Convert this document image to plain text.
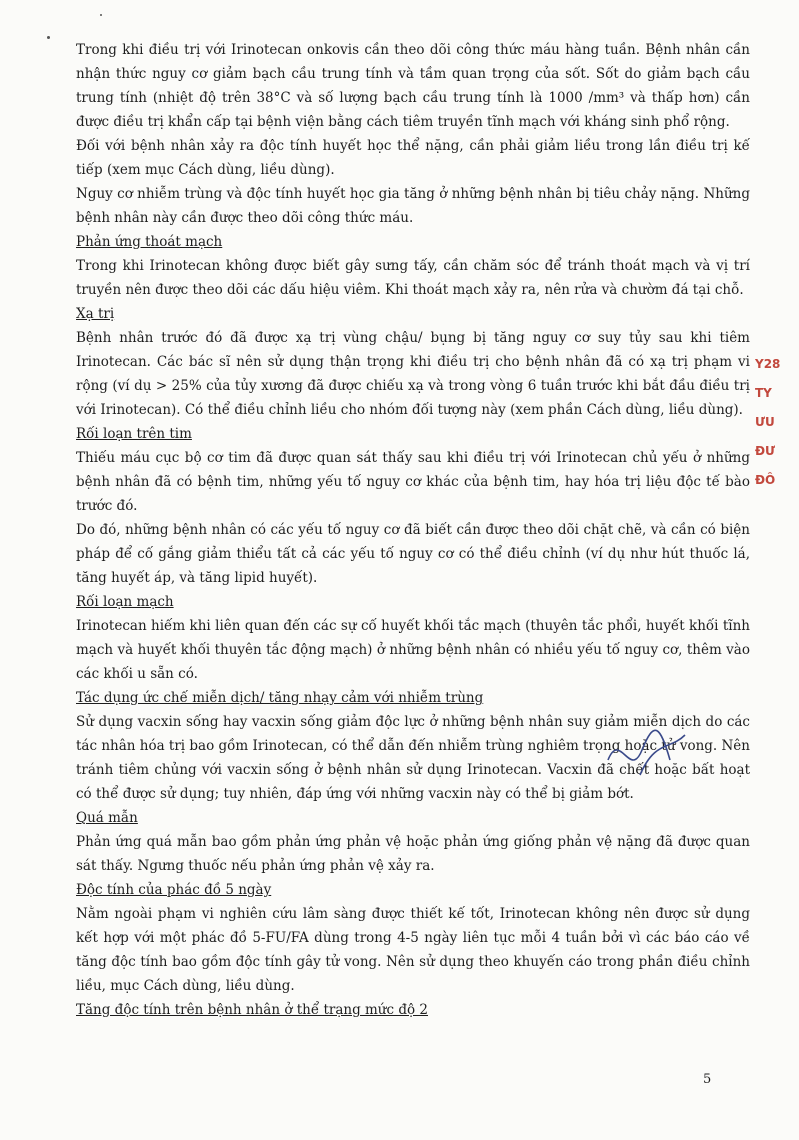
Trong khi điều trị với Irinotecan onkovis cần theo dõi công thức máu hàng tuần. Bệnh nhân cần nhận thức nguy cơ giảm bạch cầu trung tính và tầm quan trọng của sốt. Sốt do giảm bạch cầu trung tính (nhiệt độ trên 38°C và số lượng bạch cầu trung tính là 1000 /mm³ và thấp hơn) cần được điều trị khẩn cấp tại bệnh viện bằng cách tiêm truyền tĩnh mạch với kháng sinh phổ rộng.

Đối với bệnh nhân xảy ra độc tính huyết học thể nặng, cần phải giảm liều trong lần điều trị kế tiếp (xem mục Cách dùng, liều dùng).

Nguy cơ nhiễm trùng và độc tính huyết học gia tăng ở những bệnh nhân bị tiêu chảy nặng. Những bệnh nhân này cần được theo dõi công thức máu.

Phản ứng thoát mạch

Trong khi Irinotecan không được biết gây sưng tấy, cần chăm sóc để tránh thoát mạch và vị trí truyền nên được theo dõi các dấu hiệu viêm. Khi thoát mạch xảy ra, nên rửa và chườm đá tại chỗ.

Xạ trị

Bệnh nhân trước đó đã được xạ trị vùng chậu/ bụng bị tăng nguy cơ suy tủy sau khi tiêm Irinotecan. Các bác sĩ nên sử dụng thận trọng khi điều trị cho bệnh nhân đã có xạ trị phạm vi rộng (ví dụ > 25% của tủy xương đã được chiếu xạ và trong vòng 6 tuần trước khi bắt đầu điều trị với Irinotecan). Có thể điều chỉnh liều cho nhóm đối tượng này (xem phần Cách dùng, liều dùng).

Rối loạn trên tim

Thiếu máu cục bộ cơ tim đã được quan sát thấy sau khi điều trị với Irinotecan chủ yếu ở những bệnh nhân đã có bệnh tim, những yếu tố nguy cơ khác của bệnh tim, hay hóa trị liệu độc tế bào trước đó.

Do đó, những bệnh nhân có các yếu tố nguy cơ đã biết cần được theo dõi chặt chẽ, và cần có biện pháp để cố gắng giảm thiểu tất cả các yếu tố nguy cơ có thể điều chỉnh (ví dụ như hút thuốc lá, tăng huyết áp, và tăng lipid huyết).

Rối loạn mạch

Irinotecan hiếm khi liên quan đến các sự cố huyết khối tắc mạch (thuyên tắc phổi, huyết khối tĩnh mạch và huyết khối thuyên tắc động mạch) ở những bệnh nhân có nhiều yếu tố nguy cơ, thêm vào các khối u sẵn có.

Tác dụng ức chế miễn dịch/ tăng nhạy cảm với nhiễm trùng

Sử dụng vacxin sống hay vacxin sống giảm độc lực ở những bệnh nhân suy giảm miễn dịch do các tác nhân hóa trị bao gồm Irinotecan, có thể dẫn đến nhiễm trùng nghiêm trọng hoặc tử vong. Nên tránh tiêm chủng với vacxin sống ở bệnh nhân sử dụng Irinotecan. Vacxin đã chết hoặc bất hoạt có thể được sử dụng; tuy nhiên, đáp ứng với những vacxin này có thể bị giảm bớt.

Quá mẫn

Phản ứng quá mẫn bao gồm phản ứng phản vệ hoặc phản ứng giống phản vệ nặng đã được quan sát thấy. Ngưng thuốc nếu phản ứng phản vệ xảy ra.

Độc tính của phác đồ 5 ngày

Nằm ngoài phạm vi nghiên cứu lâm sàng được thiết kế tốt, Irinotecan không nên được sử dụng kết hợp với một phác đồ 5-FU/FA dùng trong 4-5 ngày liên tục mỗi 4 tuần bởi vì các báo cáo về tăng độc tính bao gồm độc tính gây tử vong. Nên sử dụng theo khuyến cáo trong phần điều chỉnh liều, mục Cách dùng, liều dùng.

Tăng độc tính trên bệnh nhân ở thể trạng mức độ 2

Y28
TY
ƯU
ĐƯ
ĐÔ
5
